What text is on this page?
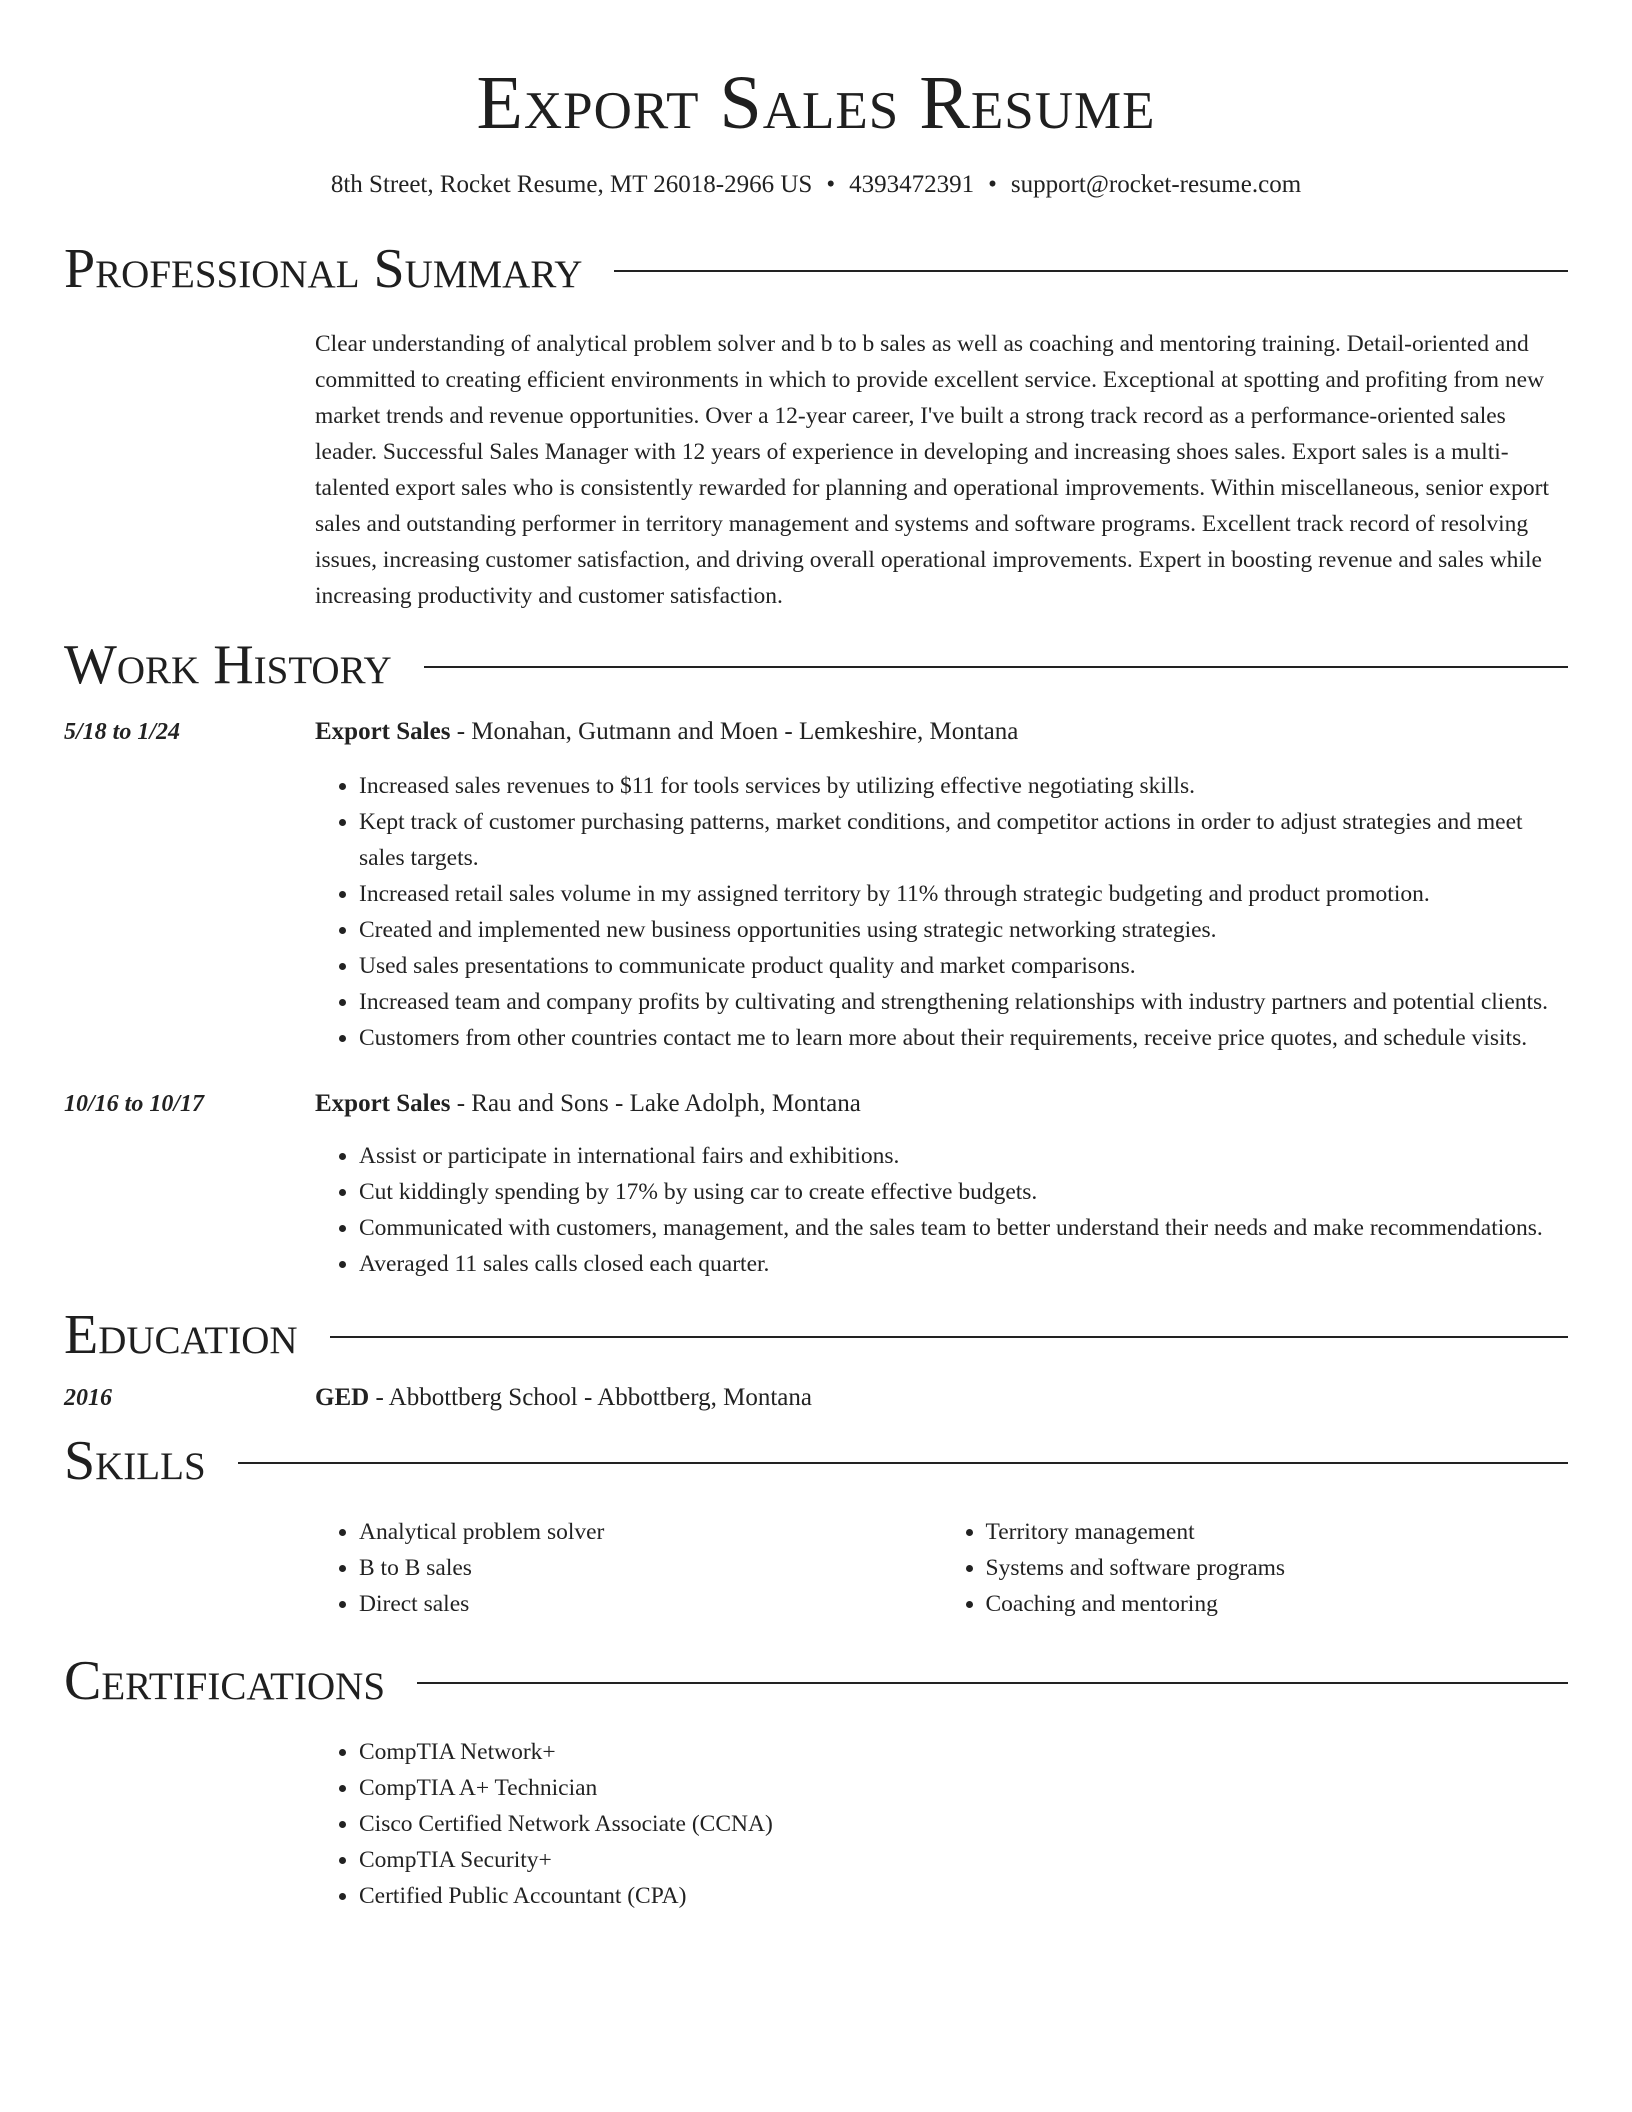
Export Sales Resume
8th Street, Rocket Resume, MT 26018-2966 US • 4393472391 • support@rocket-resume.com
Professional Summary

Clear understanding of analytical problem solver and b to b sales as well as coaching and mentoring training. Detail-oriented and committed to creating efficient environments in which to provide excellent service. Exceptional at spotting and profiting from new market trends and revenue opportunities. Over a 12-year career, I've built a strong track record as a performance-oriented sales leader. Successful Sales Manager with 12 years of experience in developing and increasing shoes sales. Export sales is a multi-talented export sales who is consistently rewarded for planning and operational improvements. Within miscellaneous, senior export sales and outstanding performer in territory management and systems and software programs. Excellent track record of resolving issues, increasing customer satisfaction, and driving overall operational improvements. Expert in boosting revenue and sales while increasing productivity and customer satisfaction.

Work History
5/18 to 1/24	Export Sales - Monahan, Gutmann and Moen - Lemkeshire, Montana
• Increased sales revenues to $11 for tools services by utilizing effective negotiating skills.
• Kept track of customer purchasing patterns, market conditions, and competitor actions in order to adjust strategies and meet sales targets.
• Increased retail sales volume in my assigned territory by 11% through strategic budgeting and product promotion.
• Created and implemented new business opportunities using strategic networking strategies.
• Used sales presentations to communicate product quality and market comparisons.
• Increased team and company profits by cultivating and strengthening relationships with industry partners and potential clients.
• Customers from other countries contact me to learn more about their requirements, receive price quotes, and schedule visits.
10/16 to 10/17	Export Sales - Rau and Sons - Lake Adolph, Montana
• Assist or participate in international fairs and exhibitions.
• Cut kiddingly spending by 17% by using car to create effective budgets.
• Communicated with customers, management, and the sales team to better understand their needs and make recommendations.
• Averaged 11 sales calls closed each quarter.
Education
2016	GED - Abbottberg School - Abbottberg, Montana
Skills
• Analytical problem solver
• B to B sales
• Direct sales
• Territory management
• Systems and software programs
• Coaching and mentoring
Certifications
• CompTIA Network+
• CompTIA A+ Technician
• Cisco Certified Network Associate (CCNA)
• CompTIA Security+
• Certified Public Accountant (CPA)
